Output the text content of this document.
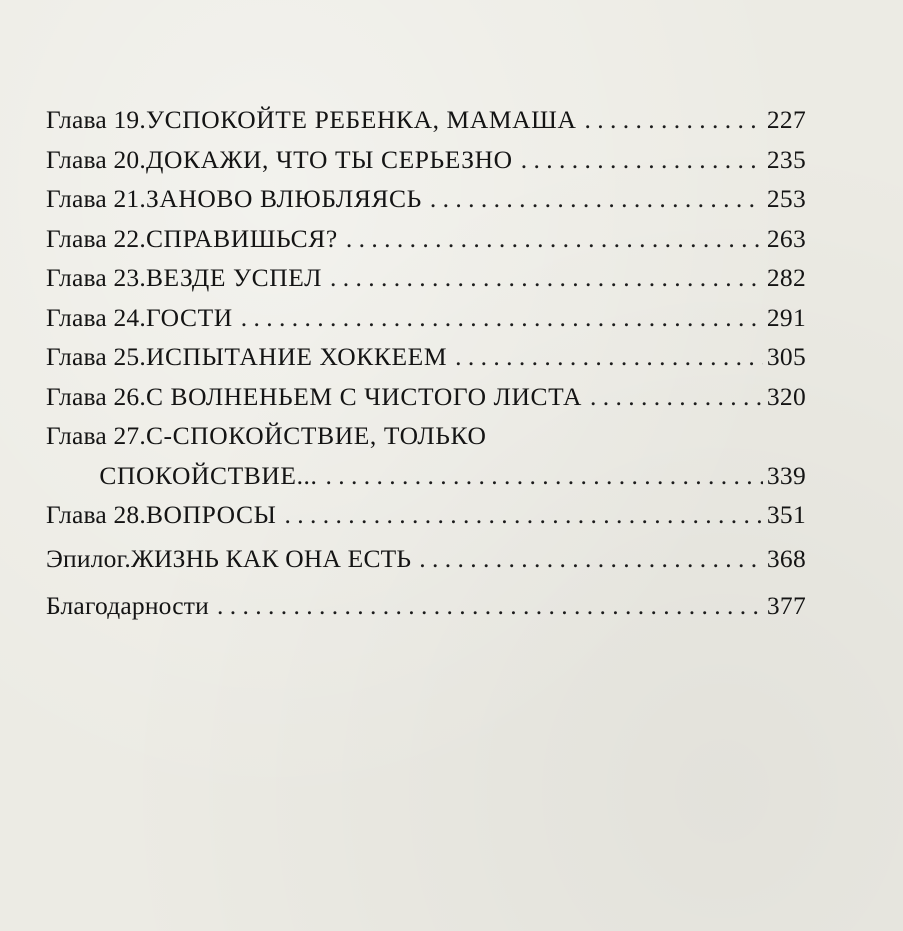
Глава 19. УСПОКОЙТЕ РЕБЕНКА, МАМАША . . .	227
Глава 20. ДОКАЖИ, ЧТО ТЫ СЕРЬЕЗНО . . .	235
Глава 21. ЗАНОВО ВЛЮБЛЯЯСЬ . . .	253
Глава 22. СПРАВИШЬСЯ? . . .	263
Глава 23. ВЕЗДЕ УСПЕЛ . . .	282
Глава 24. ГОСТИ . . .	291
Глава 25. ИСПЫТАНИЕ ХОККЕЕМ . . .	305
Глава 26. С ВОЛНЕНЬЕМ С ЧИСТОГО ЛИСТА . . .	320
Глава 27. С-СПОКОЙСТВИЕ, ТОЛЬКО
СПОКОЙСТВИЕ... . . .	339
Глава 28. ВОПРОСЫ . . .	351
Эпилог. ЖИЗНЬ КАК ОНА ЕСТЬ . . .	368
Благодарности . . .	377
